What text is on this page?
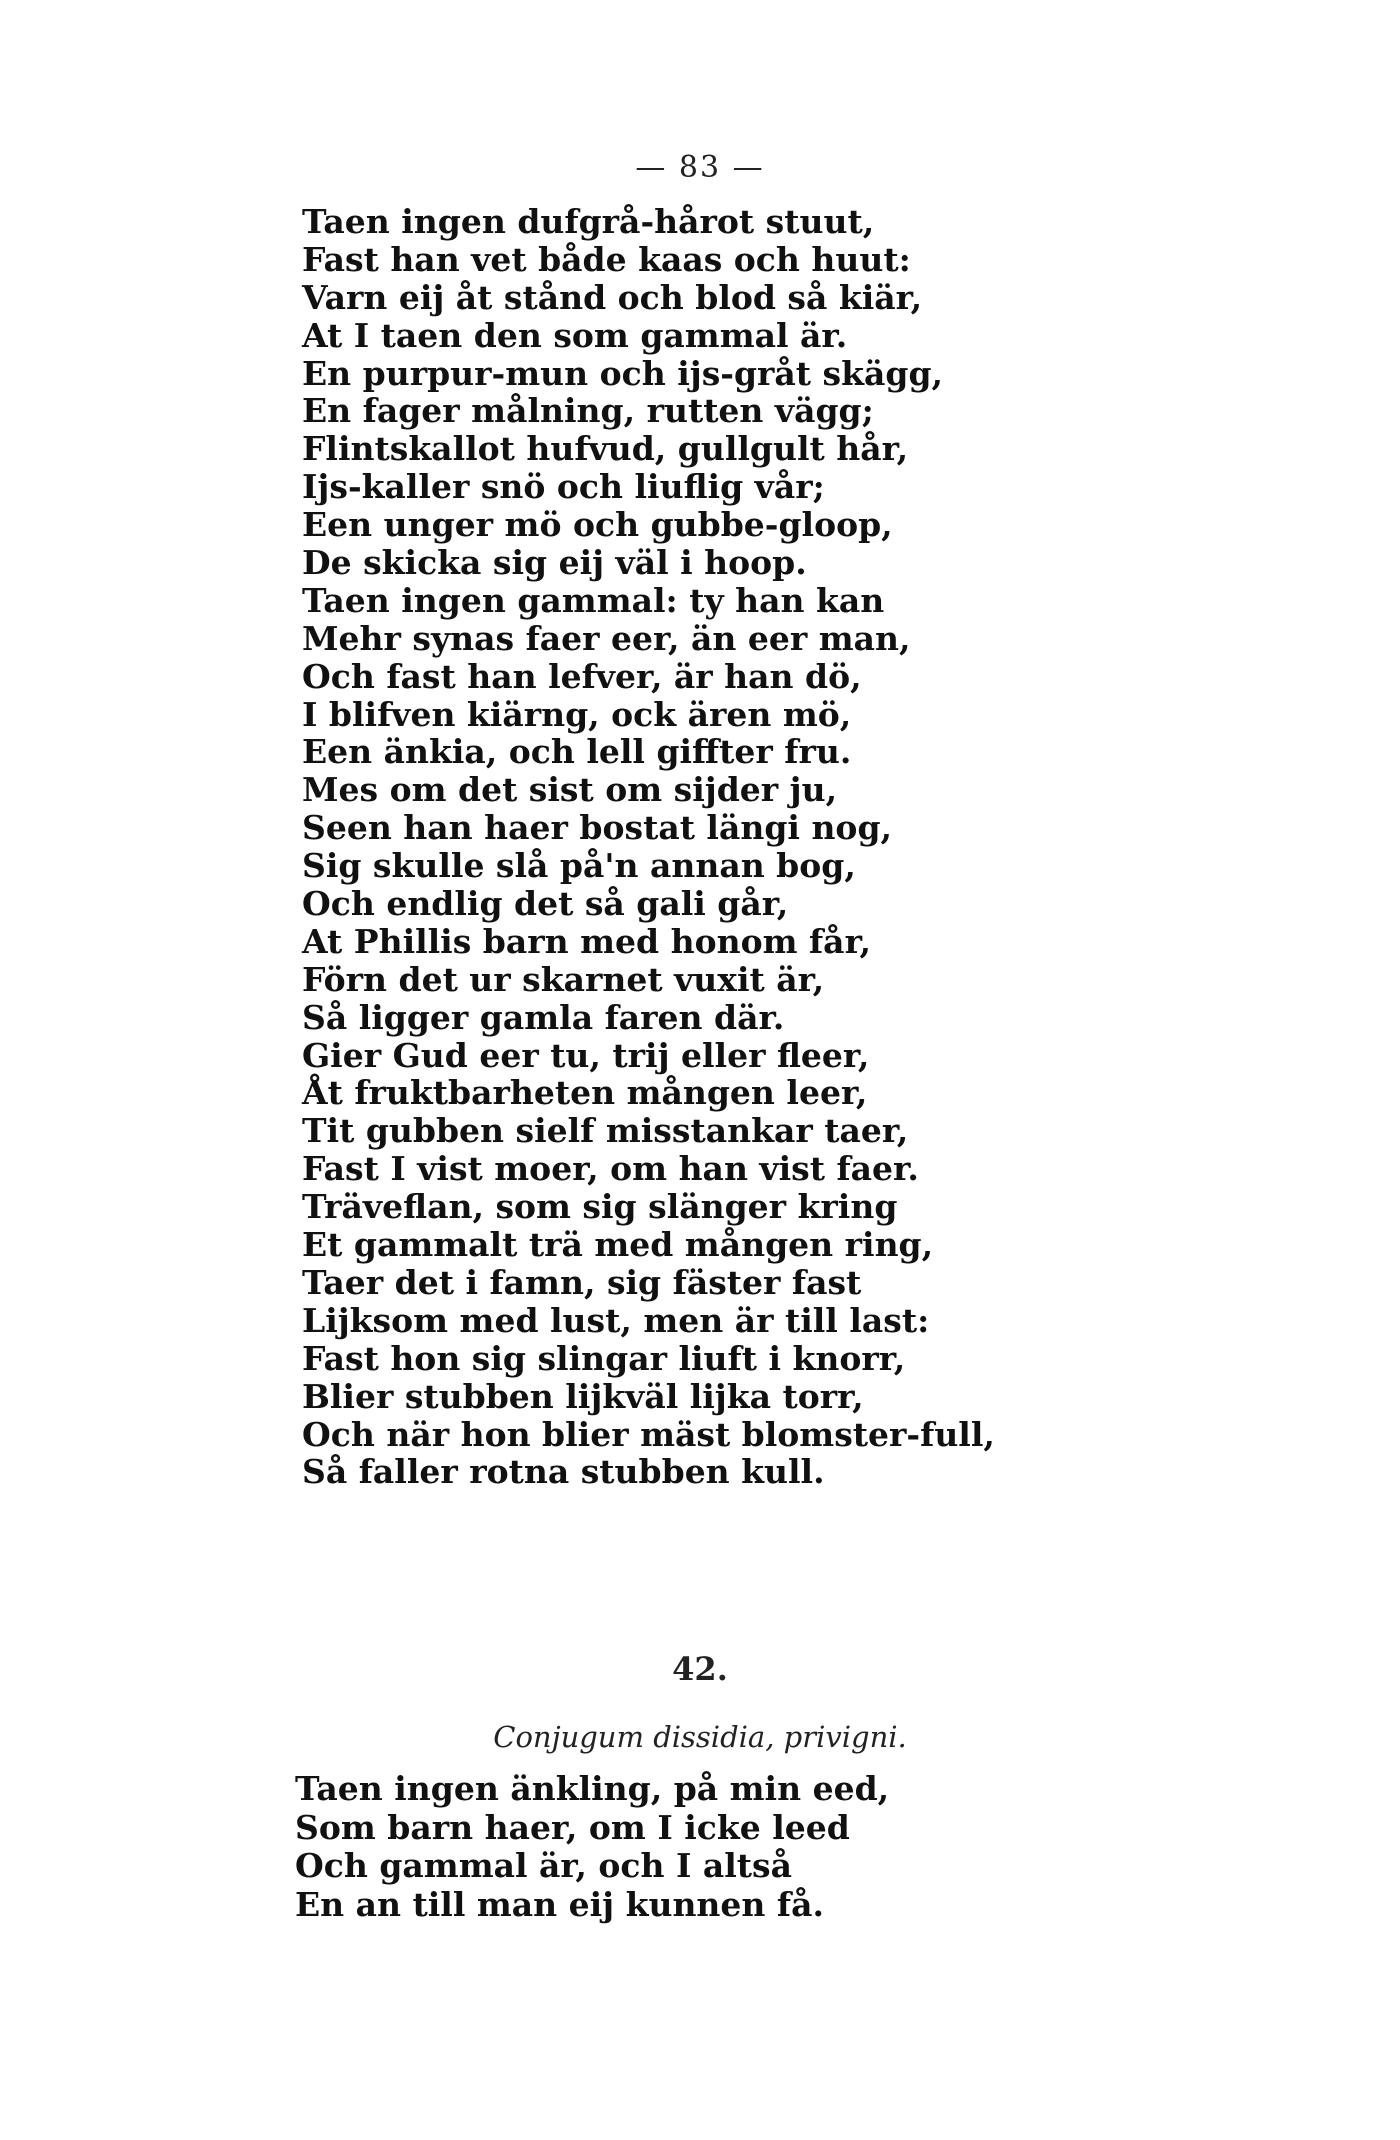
— 83 —
Taen ingen dufgrå-hårot stuut,
Fast han vet både kaas och huut:
Varn eij åt stånd och blod så kiär,
At I taen den som gammal är.
En purpur-mun och ijs-gråt skägg,
En fager målning, rutten vägg;
Flintskallot hufvud, gullgult hår,
Ijs-kaller snö och liuflig vår;
Een unger mö och gubbe-gloop,
De skicka sig eij väl i hoop.
Taen ingen gammal: ty han kan
Mehr synas faer eer, än eer man,
Och fast han lefver, är han dö,
I blifven kiärng, ock ären mö,
Een änkia, och lell giffter fru.
Mes om det sist om sijder ju,
Seen han haer bostat längi nog,
Sig skulle slå på'n annan bog,
Och endlig det så gali går,
At Phillis barn med honom får,
Förn det ur skarnet vuxit är,
Så ligger gamla faren där.
Gier Gud eer tu, trij eller fleer,
Åt fruktbarheten mången leer,
Tit gubben sielf misstankar taer,
Fast I vist moer, om han vist faer.
Träveflan, som sig slänger kring
Et gammalt trä med mången ring,
Taer det i famn, sig fäster fast
Lijksom med lust, men är till last:
Fast hon sig slingar liuft i knorr,
Blier stubben lijkväl lijka torr,
Och när hon blier mäst blomster-full,
Så faller rotna stubben kull.
42.
Conjugum dissidia, privigni.
Taen ingen änkling, på min eed,
Som barn haer, om I icke leed
Och gammal är, och I altså
En an till man eij kunnen få.
